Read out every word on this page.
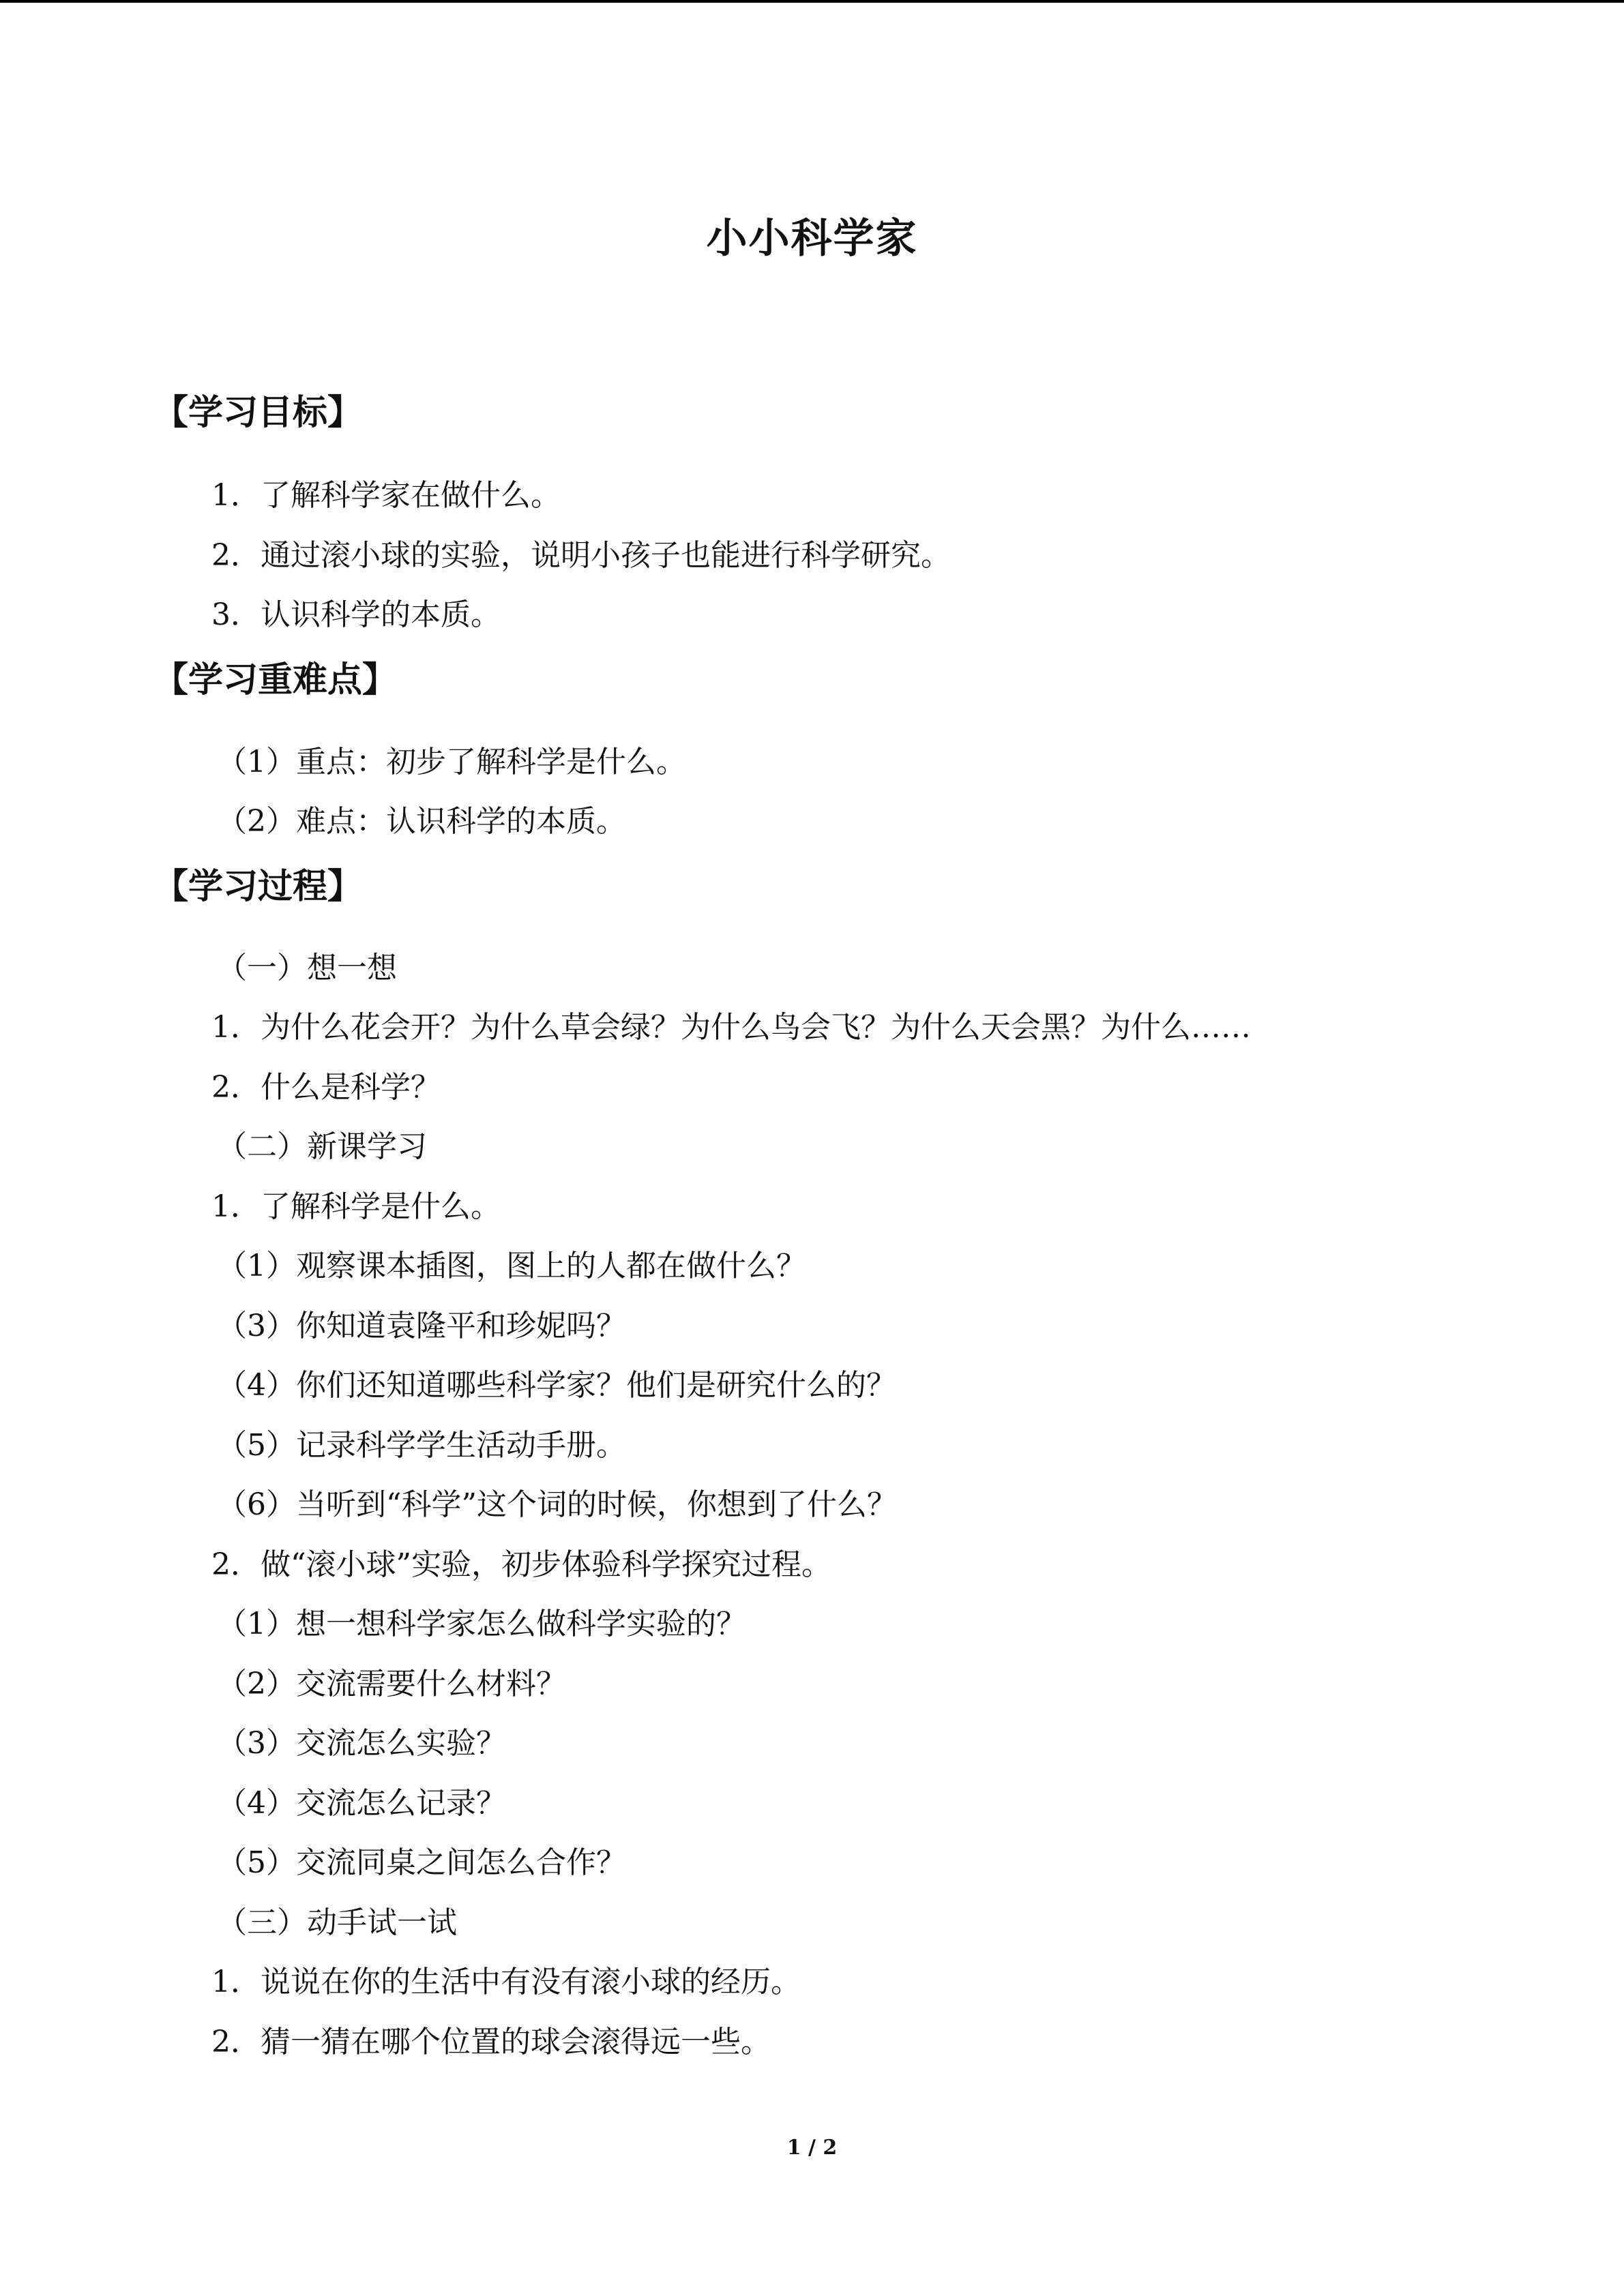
小小科学家
【学习目标】
1．了解科学家在做什么。
2．通过滚小球的实验，说明小孩子也能进行科学研究。
3．认识科学的本质。
【学习重难点】
（1）重点：初步了解科学是什么。
（2）难点：认识科学的本质。
【学习过程】
（一）想一想
1．为什么花会开？为什么草会绿？为什么鸟会飞？为什么天会黑？为什么……
2．什么是科学？
（二）新课学习
1．了解科学是什么。
（1）观察课本插图，图上的人都在做什么？
（3）你知道袁隆平和珍妮吗？
（4）你们还知道哪些科学家？他们是研究什么的？
（5）记录科学学生活动手册。
（6）当听到“科学”这个词的时候，你想到了什么？
2．做“滚小球”实验，初步体验科学探究过程。
（1）想一想科学家怎么做科学实验的？
（2）交流需要什么材料？
（3）交流怎么实验？
（4）交流怎么记录？
（5）交流同桌之间怎么合作？
（三）动手试一试
1．说说在你的生活中有没有滚小球的经历。
2．猜一猜在哪个位置的球会滚得远一些。
1 / 2
